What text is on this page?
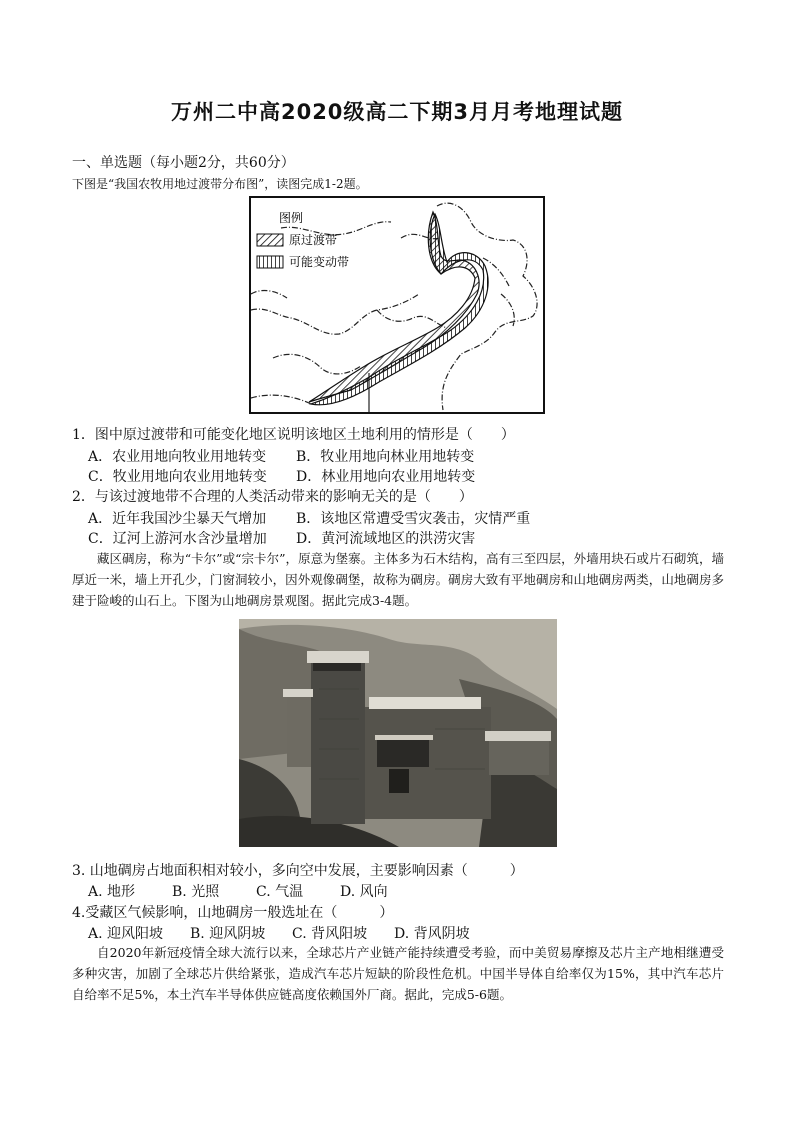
万州二中高2020级高二下期3月月考地理试题

一、单选题（每小题2分，共60分）

下图是“我国农牧用地过渡带分布图”，读图完成1-2题。

图例
原过渡带
可能变动带

1．图中原过渡带和可能变化地区说明该地区土地利用的情形是（　　）

A．农业用地向牧业用地转变 B．牧业用地向林业用地转变

C．牧业用地向农业用地转变 D．林业用地向农业用地转变

2．与该过渡地带不合理的人类活动带来的影响无关的是（　　）

A．近年我国沙尘暴天气增加 B．该地区常遭受雪灾袭击，灾情严重

C．辽河上游河水含沙量增加 D．黄河流域地区的洪涝灾害

藏区碉房，称为“卡尔”或“宗卡尔”，原意为堡寨。主体多为石木结构，高有三至四层，外墙用块石或片石砌筑，墙厚近一米，墙上开孔少，门窗洞较小，因外观像碉堡，故称为碉房。碉房大致有平地碉房和山地碉房两类，山地碉房多建于险峻的山石上。下图为山地碉房景观图。据此完成3-4题。

3. 山地碉房占地面积相对较小，多向空中发展，主要影响因素（　　　）

A. 地形	B. 光照	C. 气温	D. 风向

4.受藏区气候影响，山地碉房一般选址在（　　　）

A. 迎风阳坡 B. 迎风阴坡 C. 背风阳坡 D. 背风阴坡

自2020年新冠疫情全球大流行以来，全球芯片产业链产能持续遭受考验，而中美贸易摩擦及芯片主产地相继遭受多种灾害，加剧了全球芯片供给紧张，造成汽车芯片短缺的阶段性危机。中国半导体自给率仅为15%，其中汽车芯片自给率不足5%，本土汽车半导体供应链高度依赖国外厂商。据此，完成5-6题。
